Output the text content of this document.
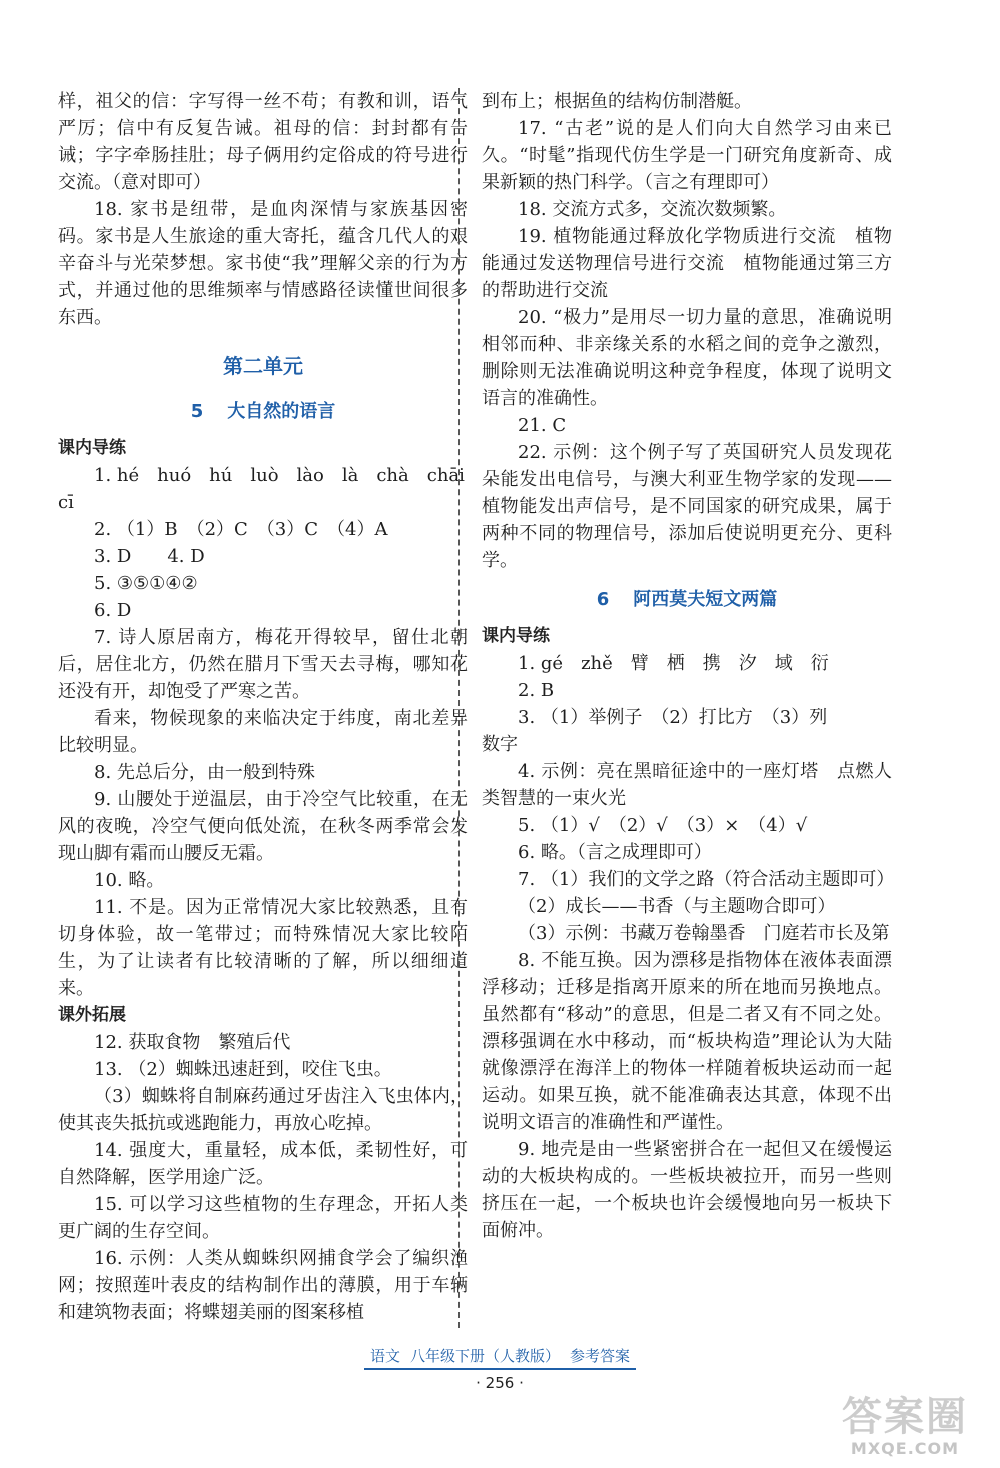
样，祖父的信：字写得一丝不苟；有教和训，语气严厉；信中有反复告诫。祖母的信：封封都有告诫；字字牵肠挂肚；母子俩用约定俗成的符号进行交流。（意对即可）

18. 家书是纽带，是血肉深情与家族基因密码。家书是人生旅途的重大寄托，蕴含几代人的艰辛奋斗与光荣梦想。家书使“我”理解父亲的行为方式，并通过他的思维频率与情感路径读懂世间很多东西。

第二单元
5 大自然的语言
课内导练

1. hé　huó　hú　luò　lào　là　chà　chāi

cī

2. （1）B　（2）C　（3）C　（4）A

3. D　　4. D

5. ③⑤①④②

6. D

7. 诗人原居南方，梅花开得较早，留仕北朝后，居住北方，仍然在腊月下雪天去寻梅，哪知花还没有开，却饱受了严寒之苦。

看来，物候现象的来临决定于纬度，南北差异比较明显。

8. 先总后分，由一般到特殊

9. 山腰处于逆温层，由于冷空气比较重，在无风的夜晚，冷空气便向低处流，在秋冬两季常会发现山脚有霜而山腰反无霜。

10. 略。

11. 不是。因为正常情况大家比较熟悉，且有切身体验，故一笔带过；而特殊情况大家比较陌生，为了让读者有比较清晰的了解，所以细细道来。

课外拓展

12. 获取食物　繁殖后代

13. （2）蜘蛛迅速赶到，咬住飞虫。

（3）蜘蛛将自制麻药通过牙齿注入飞虫体内，使其丧失抵抗或逃跑能力，再放心吃掉。

14. 强度大，重量轻，成本低，柔韧性好，可自然降解，医学用途广泛。

15. 可以学习这些植物的生存理念，开拓人类更广阔的生存空间。

16. 示例：人类从蜘蛛织网捕食学会了编织渔网；按照莲叶表皮的结构制作出的薄膜，用于车辆和建筑物表面；将蝶翅美丽的图案移植

到布上；根据鱼的结构仿制潜艇。

17. “古老”说的是人们向大自然学习由来已久。“时髦”指现代仿生学是一门研究角度新奇、成果新颖的热门科学。（言之有理即可）

18. 交流方式多，交流次数频繁。

19. 植物能通过释放化学物质进行交流　植物能通过发送物理信号进行交流　植物能通过第三方的帮助进行交流

20. “极力”是用尽一切力量的意思，准确说明相邻而种、非亲缘关系的水稻之间的竞争之激烈，删除则无法准确说明这种竞争程度，体现了说明文语言的准确性。

21. C

22. 示例：这个例子写了英国研究人员发现花朵能发出电信号，与澳大利亚生物学家的发现——植物能发出声信号，是不同国家的研究成果，属于两种不同的物理信号，添加后使说明更充分、更科学。

6 阿西莫夫短文两篇
课内导练

1. gé　zhě　臂　栖　携　汐　域　衍

2. B

3. （1）举例子　（2）打比方　（3）列

数字

4. 示例：亮在黑暗征途中的一座灯塔　点燃人类智慧的一束火光

5. （1）√　（2）√　（3）×　（4）√

6. 略。（言之成理即可）

7. （1）我们的文学之路（符合活动主题即可）

（2）成长——书香（与主题吻合即可）

（3）示例：书藏万卷翰墨香　门庭若市长及第

8. 不能互换。因为漂移是指物体在液体表面漂浮移动；迁移是指离开原来的所在地而另换地点。虽然都有“移动”的意思，但是二者又有不同之处。漂移强调在水中移动，而“板块构造”理论认为大陆就像漂浮在海洋上的物体一样随着板块运动而一起运动。如果互换，就不能准确表达其意，体现不出说明文语言的准确性和严谨性。

9. 地壳是由一些紧密拼合在一起但又在缓慢运动的大板块构成的。一些板块被拉开，而另一些则挤压在一起，一个板块也许会缓慢地向另一板块下面俯冲。

语文 八年级下册（人教版） 参考答案
· 256 ·
答案圈
MXQE.COM
